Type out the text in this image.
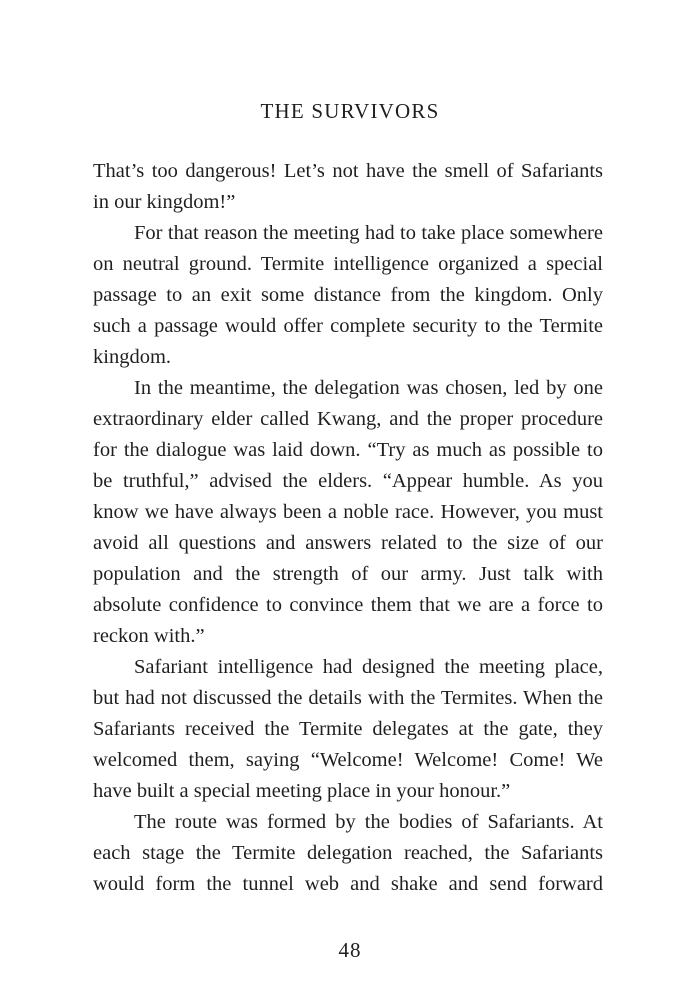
THE SURVIVORS

That’s too dangerous! Let’s not have the smell of Safariants in our kingdom!”

For that reason the meeting had to take place somewhere on neutral ground. Termite intelligence organized a special passage to an exit some distance from the kingdom. Only such a passage would offer complete security to the Termite kingdom.

In the meantime, the delegation was chosen, led by one extraordinary elder called Kwang, and the proper procedure for the dialogue was laid down. “Try as much as possible to be truthful,” advised the elders. “Appear humble. As you know we have always been a noble race. However, you must avoid all questions and answers related to the size of our population and the strength of our army. Just talk with absolute confidence to convince them that we are a force to reckon with.”

Safariant intelligence had designed the meeting place, but had not discussed the details with the Termites. When the Safariants received the Termite delegates at the gate, they welcomed them, saying “Welcome! Welcome! Come! We have built a special meeting place in your honour.”

The route was formed by the bodies of Safariants. At each stage the Termite delegation reached, the Safariants would form the tunnel web and shake and send forward

48
